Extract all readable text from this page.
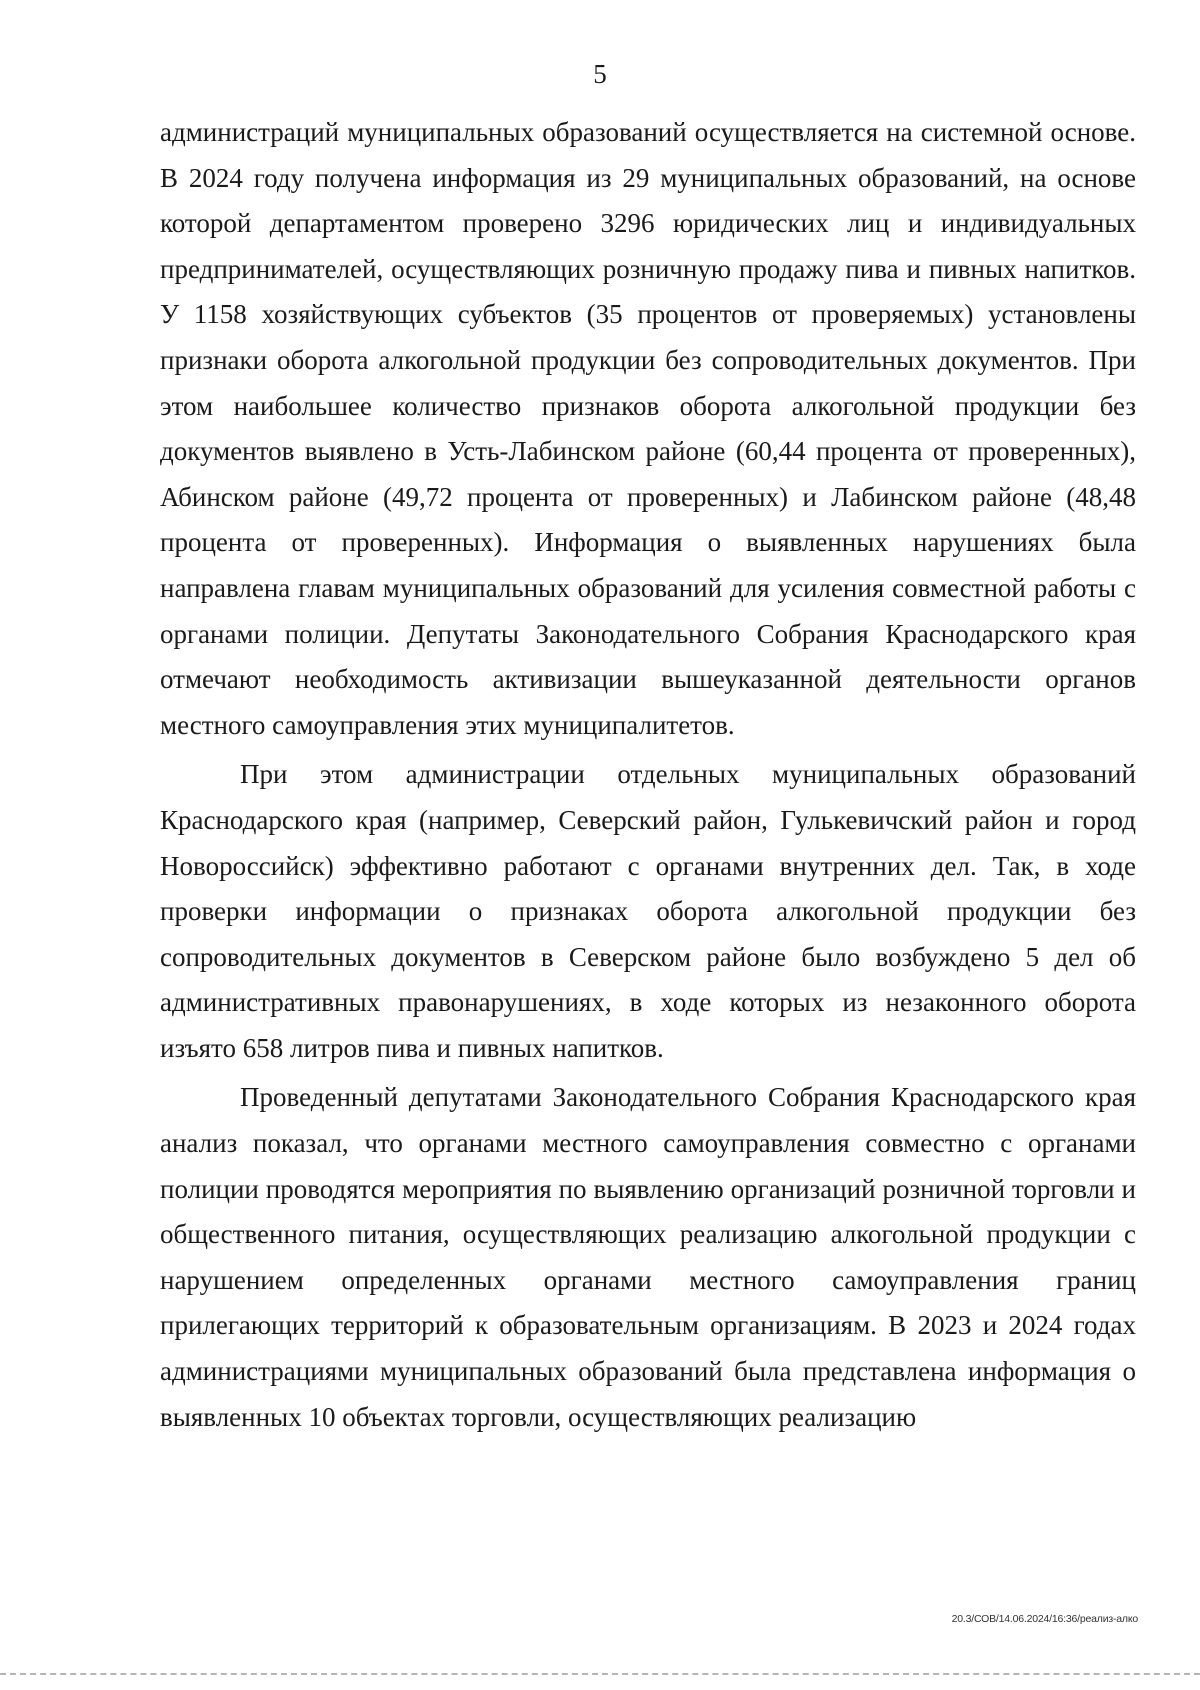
5

администраций муниципальных образований осуществляется на системной основе. В 2024 году получена информация из 29 муниципальных образований, на основе которой департаментом проверено 3296 юридических лиц и индивидуальных предпринимателей, осуществляющих розничную продажу пива и пивных напитков. У 1158 хозяйствующих субъектов (35 процентов от проверяемых) установлены признаки оборота алкогольной продукции без сопроводительных документов. При этом наибольшее количество признаков оборота алкогольной продукции без документов выявлено в Усть-Лабинском районе (60,44 процента от проверенных), Абинском районе (49,72 процента от проверенных) и Лабинском районе (48,48 процента от проверенных). Информация о выявленных нарушениях была направлена главам муниципальных образований для усиления совместной работы с органами полиции. Депутаты Законодательного Собрания Краснодарского края отмечают необходимость активизации вышеуказанной деятельности органов местного самоуправления этих муниципалитетов.

При этом администрации отдельных муниципальных образований Краснодарского края (например, Северский район, Гулькевичский район и город Новороссийск) эффективно работают с органами внутренних дел. Так, в ходе проверки информации о признаках оборота алкогольной продукции без сопроводительных документов в Северском районе было возбуждено 5 дел об административных правонарушениях, в ходе которых из незаконного оборота изъято 658 литров пива и пивных напитков.

Проведенный депутатами Законодательного Собрания Краснодарского края анализ показал, что органами местного самоуправления совместно с органами полиции проводятся мероприятия по выявлению организаций розничной торговли и общественного питания, осуществляющих реализацию алкогольной продукции с нарушением определенных органами местного самоуправления границ прилегающих территорий к образовательным организациям. В 2023 и 2024 годах администрациями муниципальных образований была представлена информация о выявленных 10 объектах торговли, осуществляющих реализацию

20.3/СОВ/14.06.2024/16:36/реализ-алко
